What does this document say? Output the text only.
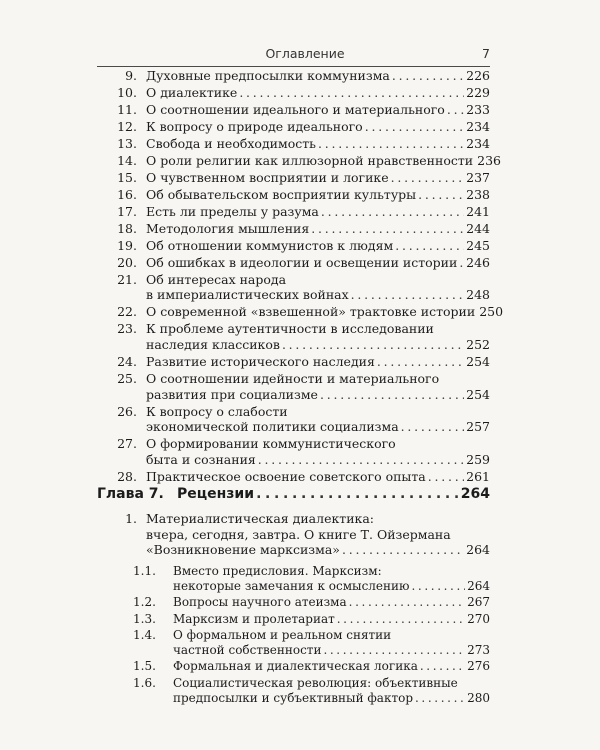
Оглавление	7
9. Духовные предпосылки коммунизма . . .	226
10. О диалектике . . .	229
11. О соотношении идеального и материального . . . 233
12. К вопросу о природе идеального . . .	234
13. Свобода и необходимость . . .	234
14. О роли религии как иллюзорной нравственности 236
15. О чувственном восприятии и логике . . .	237
16. Об обывательском восприятии культуры . . .	238
17. Есть ли пределы у разума . . .	241
18. Методология мышления . . .	244
19. Об отношении коммунистов к людям . . .	245
20. Об ошибках в идеологии и освещении истории . . . 246
21. Об интересах народа
в империалистических войнах . . .	248
22. О современной «взвешенной» трактовке истории 250
23. К проблеме аутентичности в исследовании
наследия классиков . . .	252
24. Развитие исторического наследия . . .	254
25. О соотношении идейности и материального
развития при социализме . . .	254
26. К вопросу о слабости
экономической политики социализма . . .	257
27. О формировании коммунистического
быта и сознания . . .	259
28. Практическое освоение советского опыта . . .	261
Глава 7. Рецензии . . .	264
1. Материалистическая диалектика:
вчера, сегодня, завтра. О книге Т. Ойзермана
«Возникновение марксизма» . . .	264
1.1.	Вместо предисловия. Марксизм:
некоторые замечания к осмыслению . . .	264
1.2.	Вопросы научного атеизма . . .	267
1.3.	Марксизм и пролетариат . . .	270
1.4.	О формальном и реальном снятии
частной собственности . . .	273
1.5.	Формальная и диалектическая логика . . .	276
1.6.	Социалистическая революция: объективные
предпосылки и субъективный фактор . . .	280
